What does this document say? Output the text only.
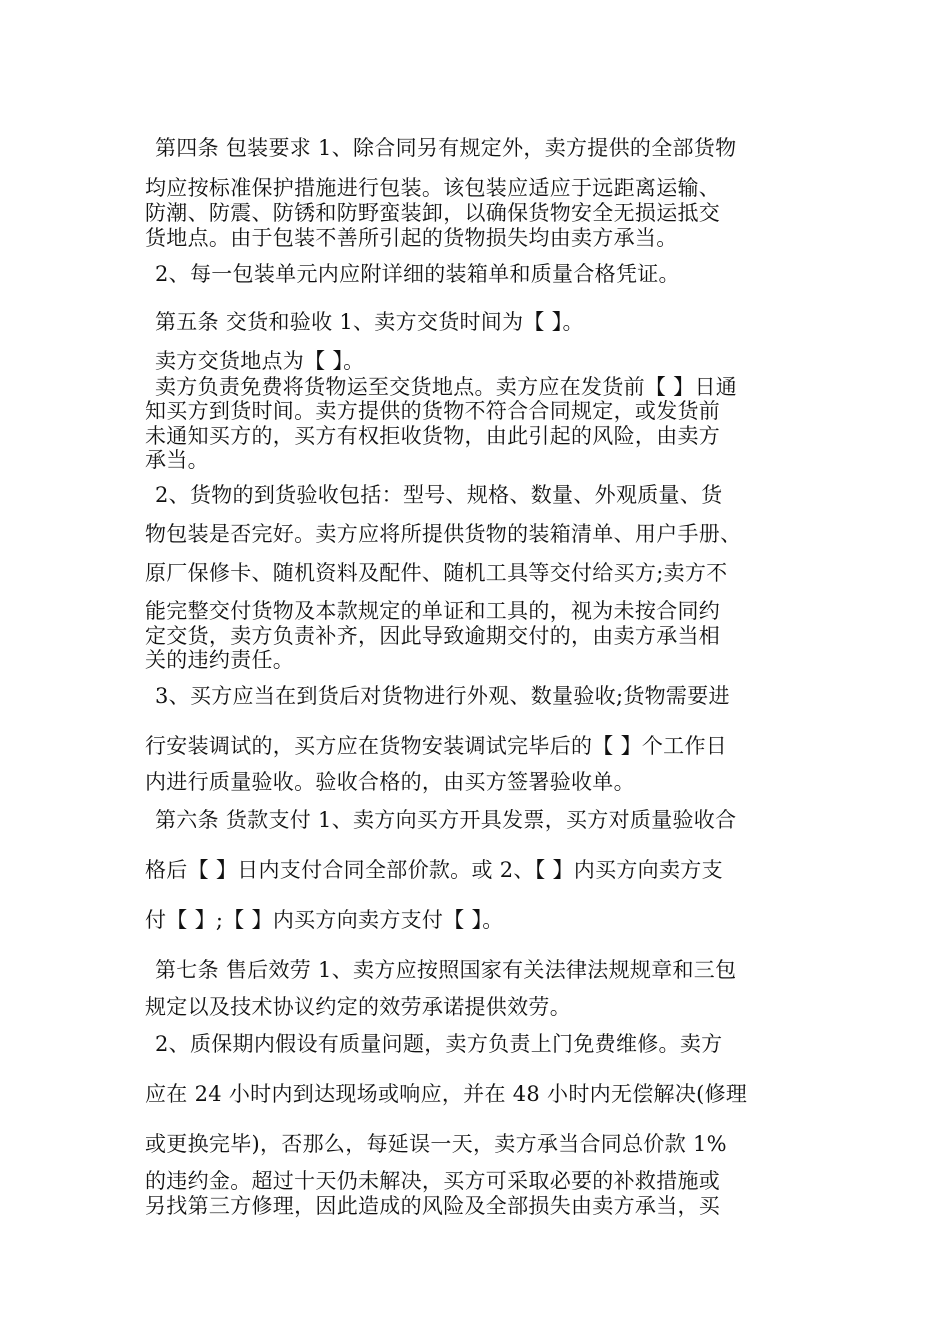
第四条 包装要求 1、除合同另有规定外，卖方提供的全部货物
均应按标准保护措施进行包装。该包装应适应于远距离运输、
防潮、防震、防锈和防野蛮装卸，以确保货物安全无损运抵交
货地点。由于包装不善所引起的货物损失均由卖方承当。
2、每一包装单元内应附详细的装箱单和质量合格凭证。
第五条 交货和验收 1、卖方交货时间为【 】。
卖方交货地点为【 】。
卖方负责免费将货物运至交货地点。卖方应在发货前【 】日通
知买方到货时间。卖方提供的货物不符合合同规定，或发货前
未通知买方的，买方有权拒收货物，由此引起的风险，由卖方
承当。
2、货物的到货验收包括：型号、规格、数量、外观质量、货
物包装是否完好。卖方应将所提供货物的装箱清单、用户手册、
原厂保修卡、随机资料及配件、随机工具等交付给买方;卖方不
能完整交付货物及本款规定的单证和工具的，视为未按合同约
定交货，卖方负责补齐，因此导致逾期交付的，由卖方承当相
关的违约责任。
3、买方应当在到货后对货物进行外观、数量验收;货物需要进
行安装调试的，买方应在货物安装调试完毕后的【 】个工作日
内进行质量验收。验收合格的，由买方签署验收单。
第六条 货款支付 1、卖方向买方开具发票，买方对质量验收合
格后【 】日内支付合同全部价款。或 2、【 】内买方向卖方支
付【 】;【 】内买方向卖方支付【 】。
第七条 售后效劳 1、卖方应按照国家有关法律法规规章和三包
规定以及技术协议约定的效劳承诺提供效劳。
2、质保期内假设有质量问题，卖方负责上门免费维修。卖方
应在 24 小时内到达现场或响应，并在 48 小时内无偿解决(修理
或更换完毕)，否那么，每延误一天，卖方承当合同总价款 1%
的违约金。超过十天仍未解决，买方可采取必要的补救措施或
另找第三方修理，因此造成的风险及全部损失由卖方承当，买
